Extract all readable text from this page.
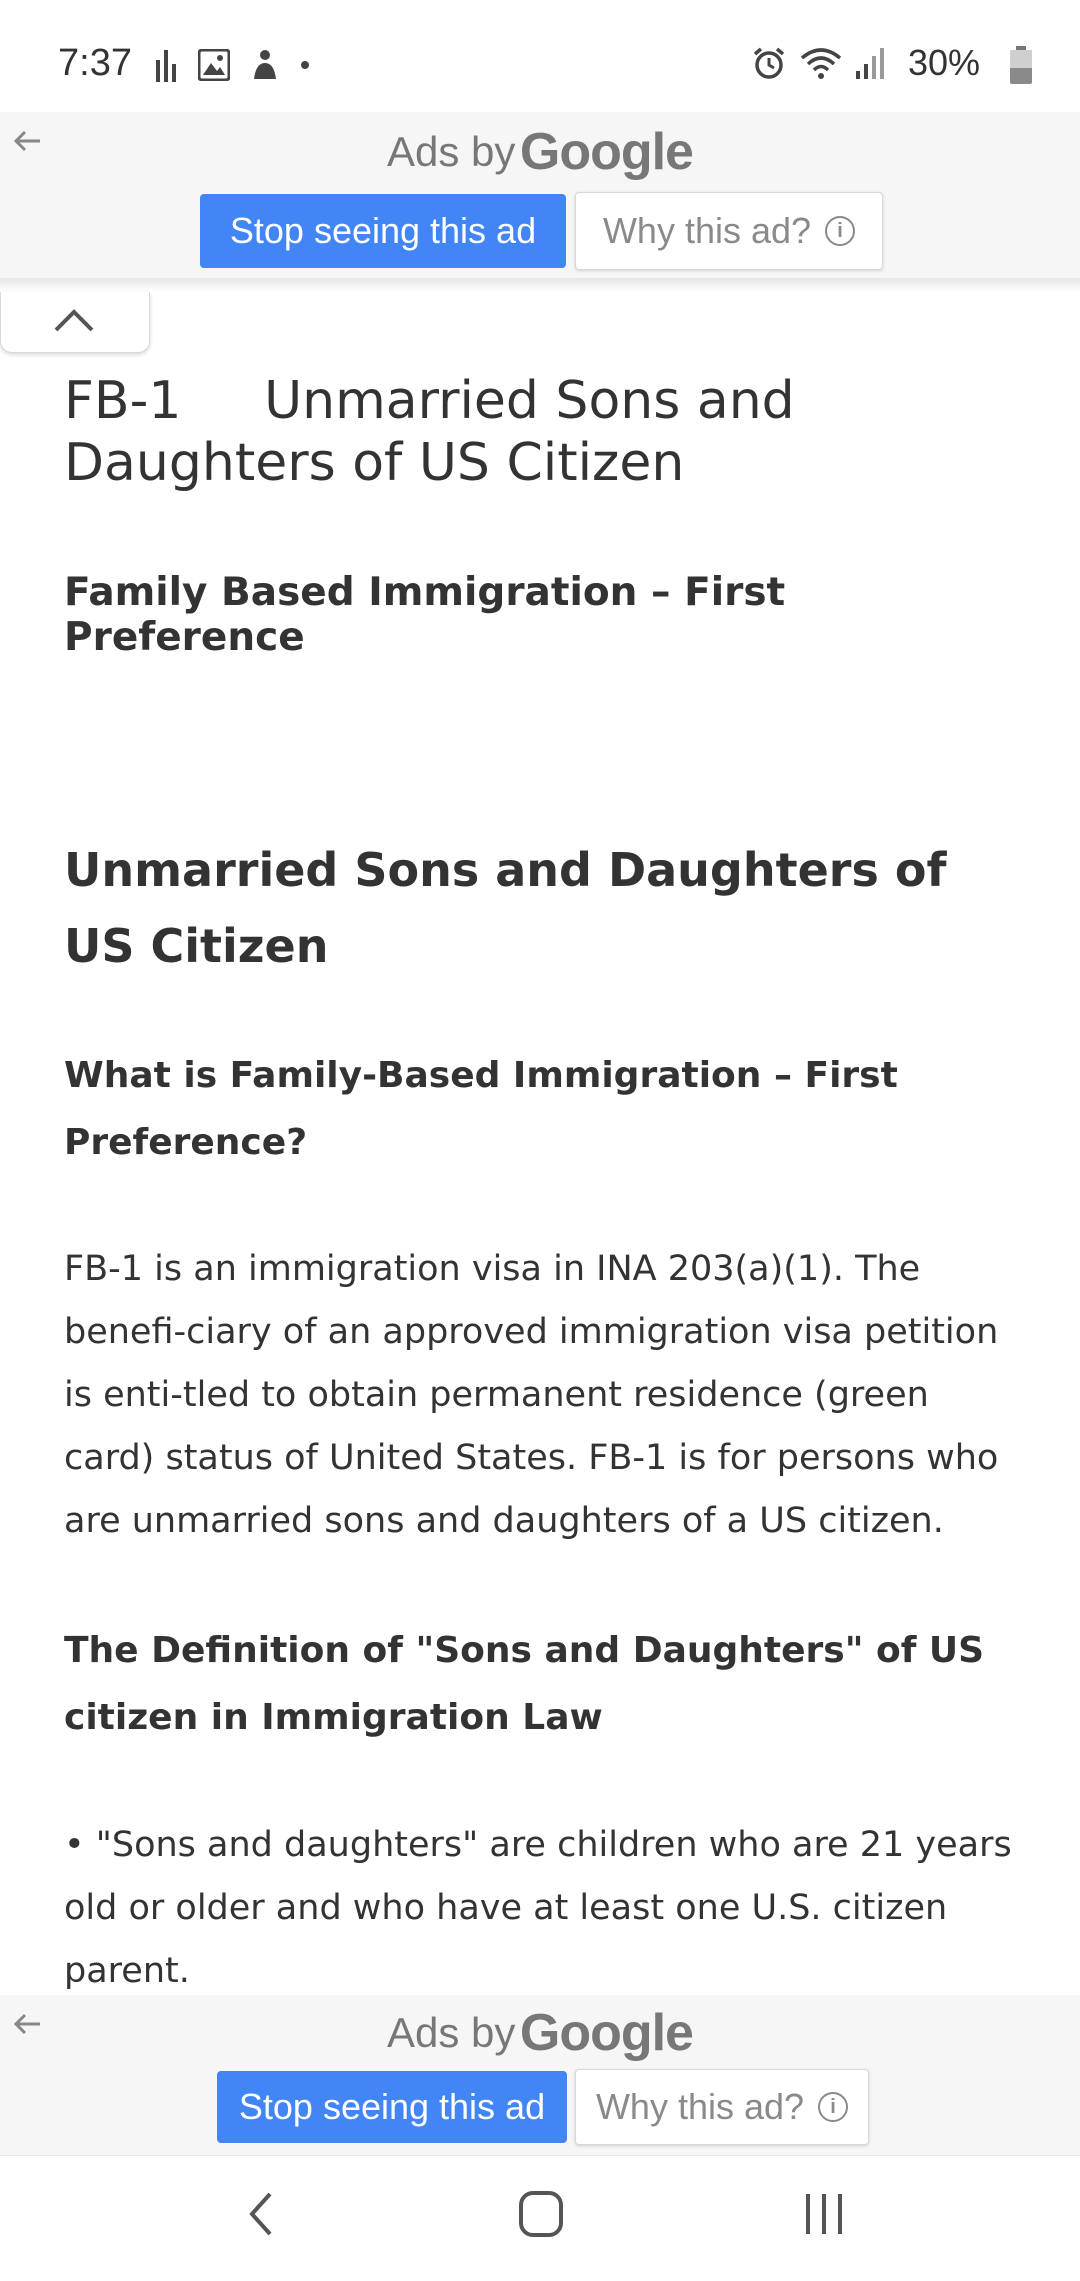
7:37	30%
Ads by Google
Stop seeing this ad Why this ad?	i
FB-1     Unmarried Sons and Daughters of US Citizen
Family Based Immigration – First Preference
Unmarried Sons and Daughters of US Citizen
What is Family-Based Immigration – First Preference?
FB-1 is an immigration visa in INA 203(a)(1). The benefi-ciary of an approved immigration visa petition is enti-tled to obtain permanent residence (green card) status of United States. FB-1 is for persons who are unmarried sons and daughters of a US citizen.
The Definition of "Sons and Daughters" of US citizen in Immigration Law
• "Sons and daughters" are children who are 21 years old or older and who have at least one U.S. citizen parent.
Ads by Google
Stop seeing this ad Why this ad?	i
